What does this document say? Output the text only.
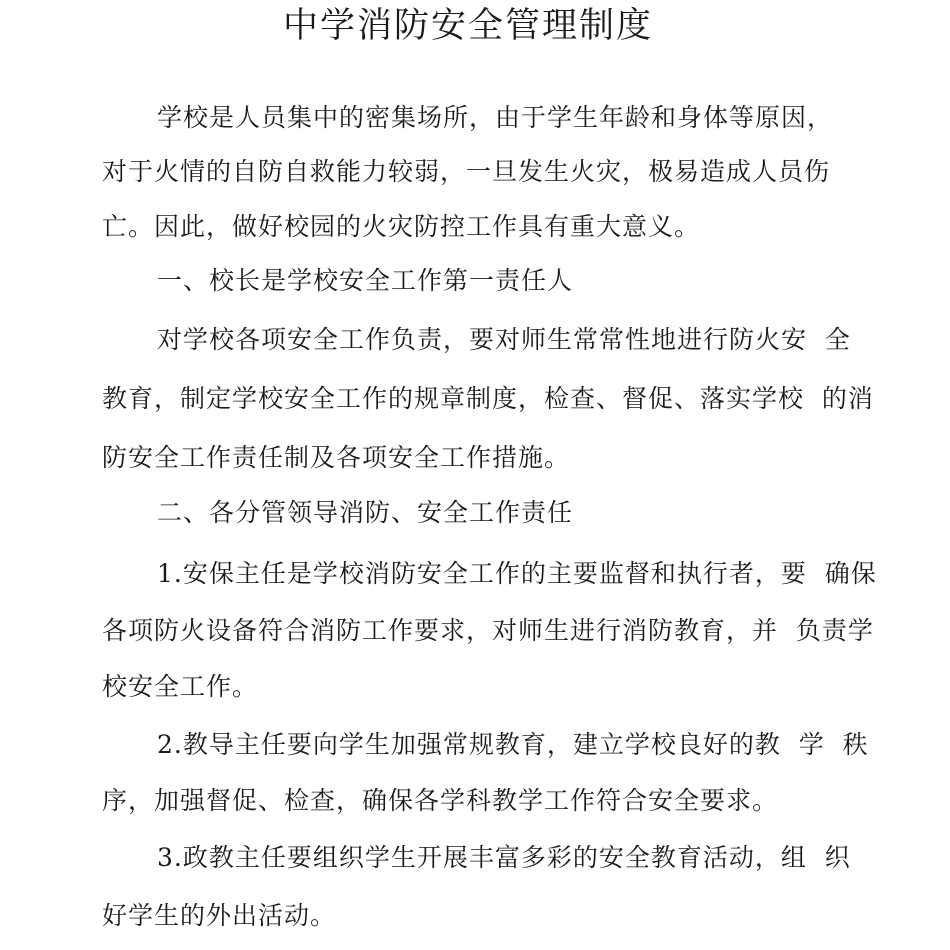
中学消防安全管理制度
学校是人员集中的密集场所，由于学生年龄和身体等原因，
对于火情的自防自救能力较弱，一旦发生火灾，极易造成人员伤
亡。因此，做好校园的火灾防控工作具有重大意义。
一、校长是学校安全工作第一责任人
对学校各项安全工作负责，要对师生常常性地进行防火安  全
教育，制定学校安全工作的规章制度，检查、督促、落实学校  的消
防安全工作责任制及各项安全工作措施。
二、各分管领导消防、安全工作责任
1.安保主任是学校消防安全工作的主要监督和执行者，要  确保
各项防火设备符合消防工作要求，对师生进行消防教育，并  负责学
校安全工作。
2.教导主任要向学生加强常规教育，建立学校良好的教  学  秩
序，加强督促、检查，确保各学科教学工作符合安全要求。
3.政教主任要组织学生开展丰富多彩的安全教育活动，组  织
好学生的外出活动。
